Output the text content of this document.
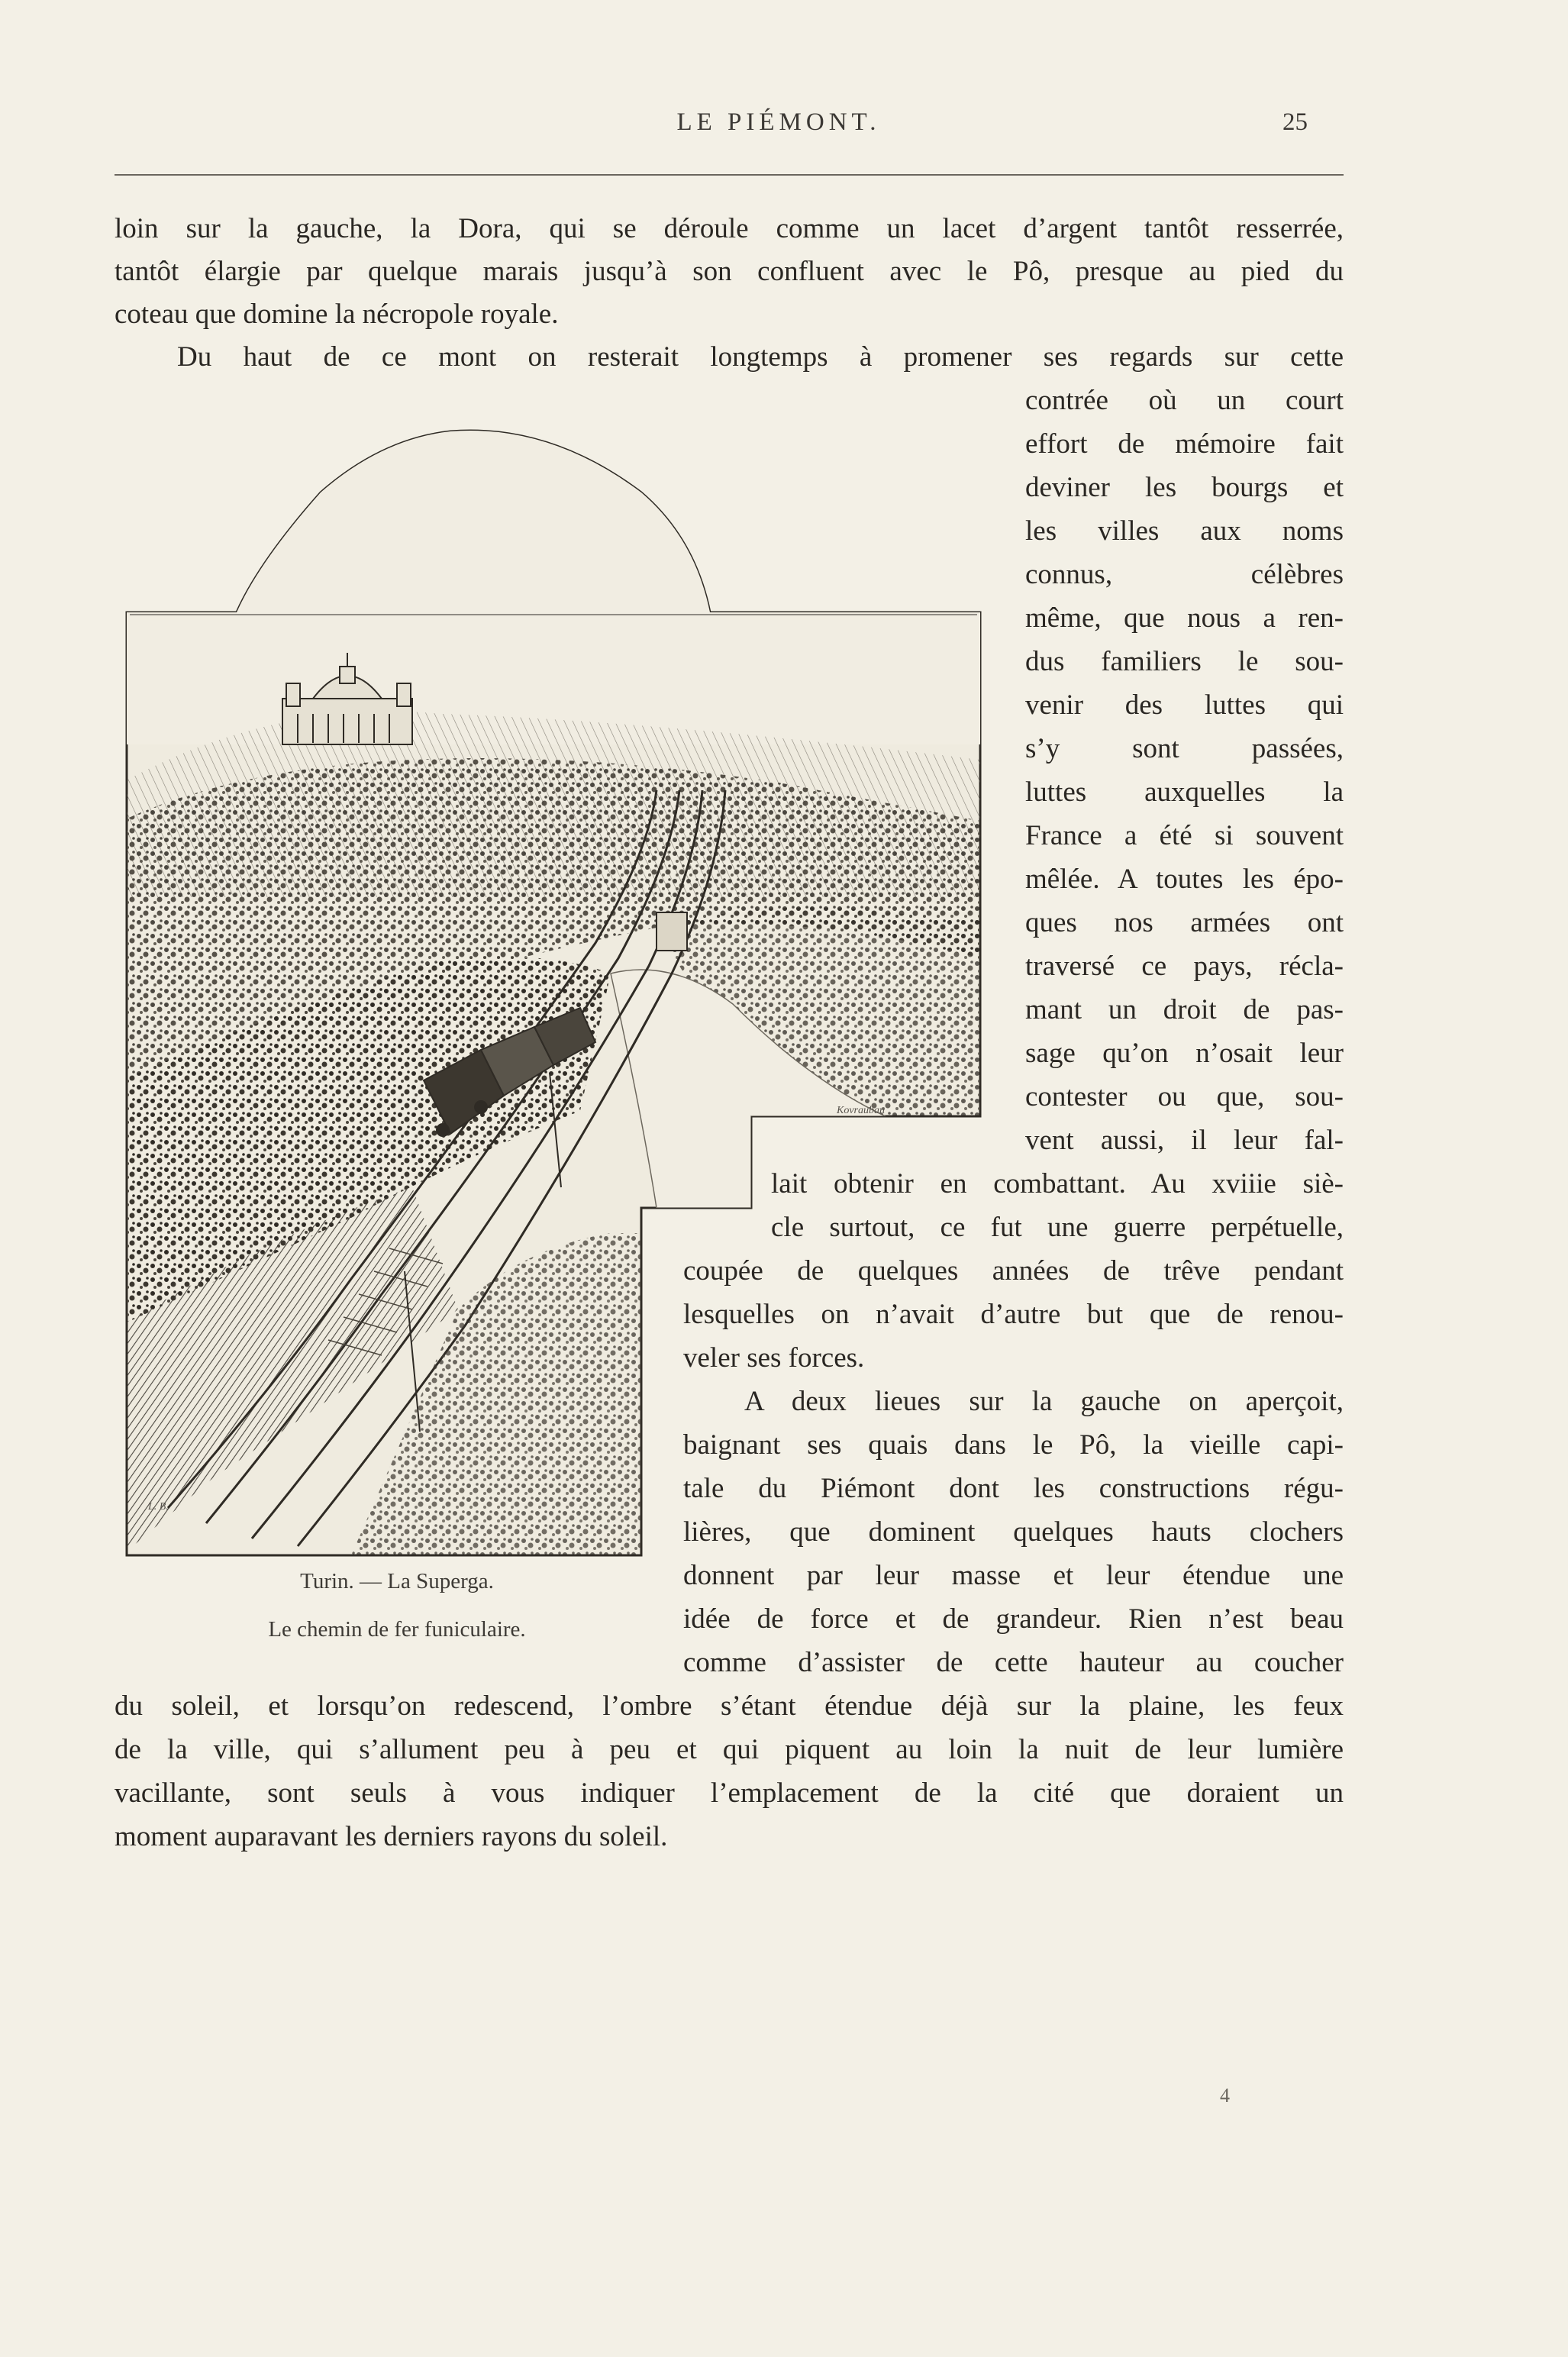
LE PIÉMONT.	25
loin sur la gauche, la Dora, qui se déroule comme un lacet d’argent tantôt resserrée,
tantôt élargie par quelque marais jusqu’à son confluent avec le Pô, presque au pied du
coteau que domine la nécropole royale.
Du haut de ce mont on resterait longtemps à promener ses regards sur cette
contrée où un court
effort de mémoire fait
deviner les bourgs et
les villes aux noms
connus, célèbres
même, que nous a ren-
dus familiers le sou-
venir des luttes qui
s’y sont passées,
luttes auxquelles la
France a été si souvent
mêlée. A toutes les épo-
ques nos armées ont
traversé ce pays, récla-
mant un droit de pas-
sage qu’on n’osait leur
contester ou que, sou-
vent aussi, il leur fal-
lait obtenir en combattant. Au xviiie siè-
cle surtout, ce fut une guerre perpétuelle,
coupée de quelques années de trêve pendant
lesquelles on n’avait d’autre but que de renou-
veler ses forces.
A deux lieues sur la gauche on aperçoit,
baignant ses quais dans le Pô, la vieille capi-
tale du Piémont dont les constructions régu-
lières, que dominent quelques hauts clochers
donnent par leur masse et leur étendue une
idée de force et de grandeur. Rien n’est beau
comme d’assister de cette hauteur au coucher
du soleil, et lorsqu’on redescend, l’ombre s’étant étendue déjà sur la plaine, les feux
de la ville, qui s’allument peu à peu et qui piquent au loin la nuit de leur lumière
vacillante, sont seuls à vous indiquer l’emplacement de la cité que doraient un
moment auparavant les derniers rayons du soleil.
Kovrauban
L. B.
Turin. — La Superga.
Le chemin de fer funiculaire.
4
